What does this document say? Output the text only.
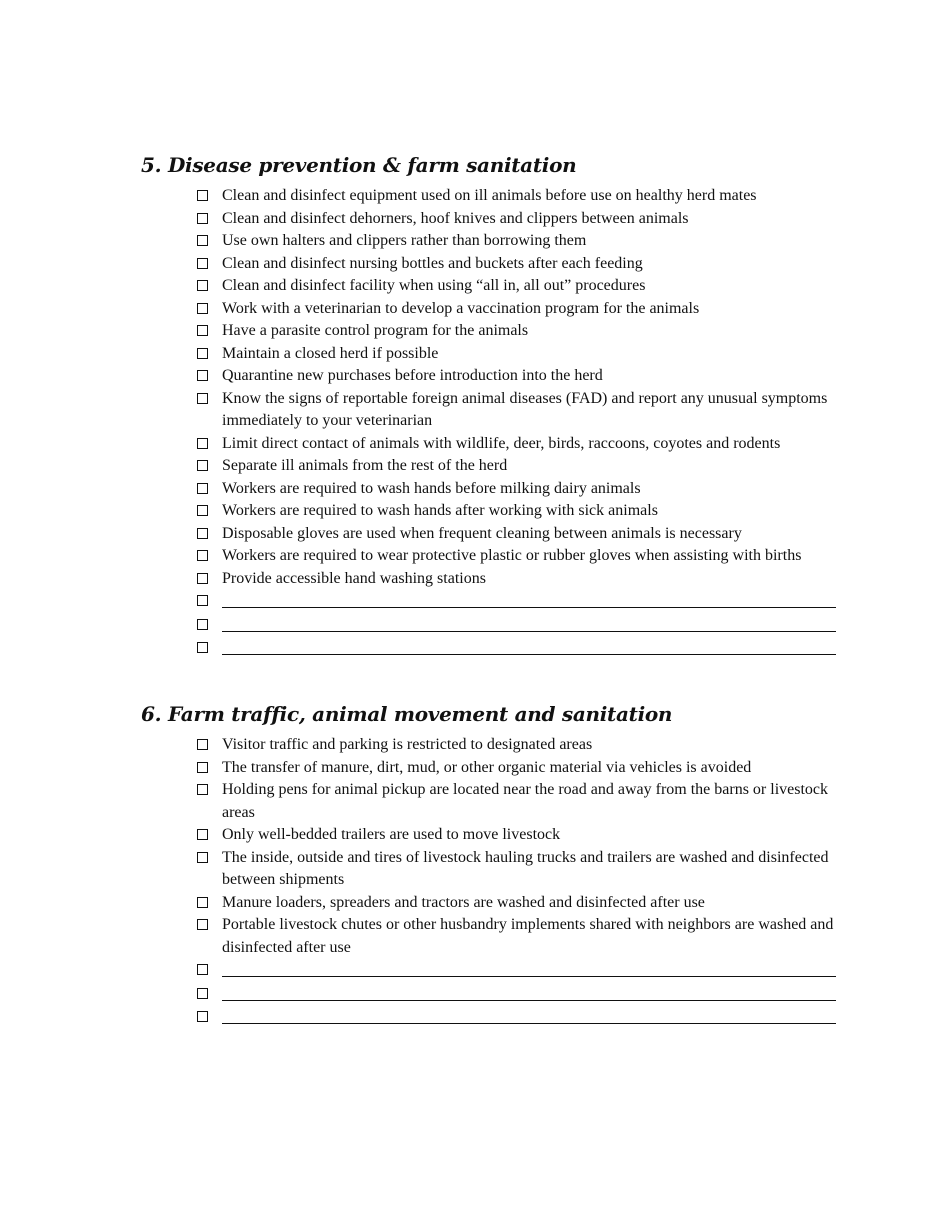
5. Disease prevention & farm sanitation
Clean and disinfect equipment used on ill animals before use on healthy herd mates
Clean and disinfect dehorners, hoof knives and clippers between animals
Use own halters and clippers rather than borrowing them
Clean and disinfect nursing bottles and buckets after each feeding
Clean and disinfect facility when using “all in, all out” procedures
Work with a veterinarian to develop a vaccination program for the animals
Have a parasite control program for the animals
Maintain a closed herd if possible
Quarantine new purchases before introduction into the herd
Know the signs of reportable foreign animal diseases (FAD) and report any unusual symptoms immediately to your veterinarian
Limit direct contact of animals with wildlife, deer, birds, raccoons, coyotes and rodents
Separate ill animals from the rest of the herd
Workers are required to wash hands before milking dairy animals
Workers are required to wash hands after working with sick animals
Disposable gloves are used when frequent cleaning between animals is necessary
Workers are required to wear protective plastic or rubber gloves when assisting with births
Provide accessible hand washing stations
6. Farm traffic, animal movement and sanitation
Visitor traffic and parking is restricted to designated areas
The transfer of manure, dirt, mud, or other organic material via vehicles is avoided
Holding pens for animal pickup are located near the road and away from the barns or livestock areas
Only well-bedded trailers are used to move livestock
The inside, outside and tires of livestock hauling trucks and trailers are washed and disinfected between shipments
Manure loaders, spreaders and tractors are washed and disinfected after use
Portable livestock chutes or other husbandry implements shared with neighbors are washed and disinfected after use
